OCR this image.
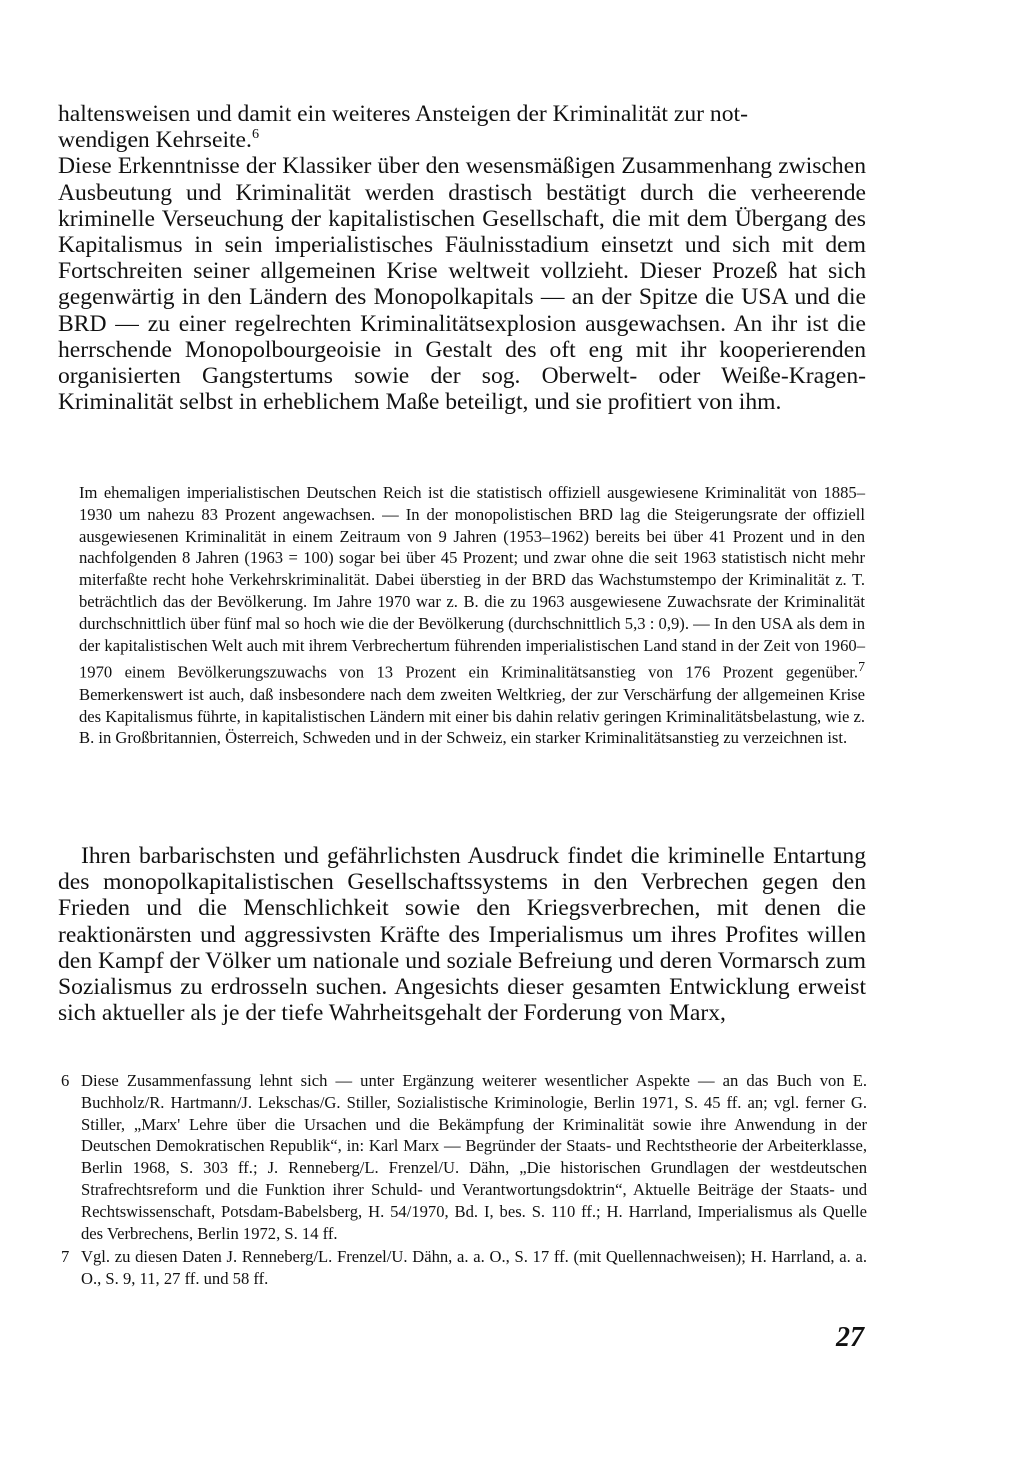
haltensweisen und damit ein weiteres Ansteigen der Kriminalität zur not-
wendigen Kehrseite.$^6$

Diese Erkenntnisse der Klassiker über den wesensmäßigen Zusammenhang zwischen Ausbeutung und Kriminalität werden drastisch bestätigt durch die verheerende kriminelle Verseuchung der kapitalistischen Gesellschaft, die mit dem Übergang des Kapitalismus in sein imperialistisches Fäulnisstadium einsetzt und sich mit dem Fortschreiten seiner allgemeinen Krise weltweit vollzieht. Dieser Prozeß hat sich gegenwärtig in den Ländern des Monopolkapitals — an der Spitze die USA und die BRD — zu einer regelrechten Kriminalitätsexplosion ausgewachsen. An ihr ist die herrschende Monopolbourgeoisie in Gestalt des oft eng mit ihr kooperierenden organisierten Gangstertums sowie der sog. Oberwelt- oder Weiße-Kragen-Kriminalität selbst in erheblichem Maße beteiligt, und sie profitiert von ihm.

Im ehemaligen imperialistischen Deutschen Reich ist die statistisch offiziell ausgewiesene Kriminalität von 1885–1930 um nahezu 83 Prozent angewachsen. — In der monopolistischen BRD lag die Steigerungsrate der offiziell ausgewiesenen Kriminalität in einem Zeitraum von 9 Jahren (1953–1962) bereits bei über 41 Prozent und in den nachfolgenden 8 Jahren (1963 = 100) sogar bei über 45 Prozent; und zwar ohne die seit 1963 statistisch nicht mehr miterfaßte recht hohe Verkehrskriminalität. Dabei überstieg in der BRD das Wachstumstempo der Kriminalität z. T. beträchtlich das der Bevölkerung. Im Jahre 1970 war z. B. die zu 1963 ausgewiesene Zuwachsrate der Kriminalität durchschnittlich über fünf mal so hoch wie die der Bevölkerung (durchschnittlich 5,3 : 0,9). — In den USA als dem in der kapitalistischen Welt auch mit ihrem Verbrechertum führenden imperialistischen Land stand in der Zeit von 1960–1970 einem Bevölkerungszuwachs von 13 Prozent ein Kriminalitätsanstieg von 176 Prozent gegenüber.$^7$ Bemerkenswert ist auch, daß insbesondere nach dem zweiten Weltkrieg, der zur Verschärfung der allgemeinen Krise des Kapitalismus führte, in kapitalistischen Ländern mit einer bis dahin relativ geringen Kriminalitätsbelastung, wie z. B. in Großbritannien, Österreich, Schweden und in der Schweiz, ein starker Kriminalitätsanstieg zu verzeichnen ist.

Ihren barbarischsten und gefährlichsten Ausdruck findet die kriminelle Entartung des monopolkapitalistischen Gesellschaftssystems in den Verbrechen gegen den Frieden und die Menschlichkeit sowie den Kriegsverbrechen, mit denen die reaktionärsten und aggressivsten Kräfte des Imperialismus um ihres Profites willen den Kampf der Völker um nationale und soziale Befreiung und deren Vormarsch zum Sozialismus zu erdrosseln suchen. Angesichts dieser gesamten Entwicklung erweist sich aktueller als je der tiefe Wahrheitsgehalt der Forderung von Marx,

6 Diese Zusammenfassung lehnt sich — unter Ergänzung weiterer wesentlicher Aspekte — an das Buch von E. Buchholz/R. Hartmann/J. Lekschas/G. Stiller, Sozialistische Kriminologie, Berlin 1971, S. 45 ff. an; vgl. ferner G. Stiller, „Marx' Lehre über die Ursachen und die Bekämpfung der Kriminalität sowie ihre Anwendung in der Deutschen Demokratischen Republik“, in: Karl Marx — Begründer der Staats- und Rechtstheorie der Arbeiterklasse, Berlin 1968, S. 303 ff.; J. Renneberg/L. Frenzel/U. Dähn, „Die historischen Grundlagen der westdeutschen Strafrechtsreform und die Funktion ihrer Schuld- und Verantwortungsdoktrin“, Aktuelle Beiträge der Staats- und Rechtswissenschaft, Potsdam-Babelsberg, H. 54/1970, Bd. I, bes. S. 110 ff.; H. Harrland, Imperialismus als Quelle des Verbrechens, Berlin 1972, S. 14 ff.
7 Vgl. zu diesen Daten J. Renneberg/L. Frenzel/U. Dähn, a. a. O., S. 17 ff. (mit Quellennachweisen); H. Harrland, a. a. O., S. 9, 11, 27 ff. und 58 ff.
27
